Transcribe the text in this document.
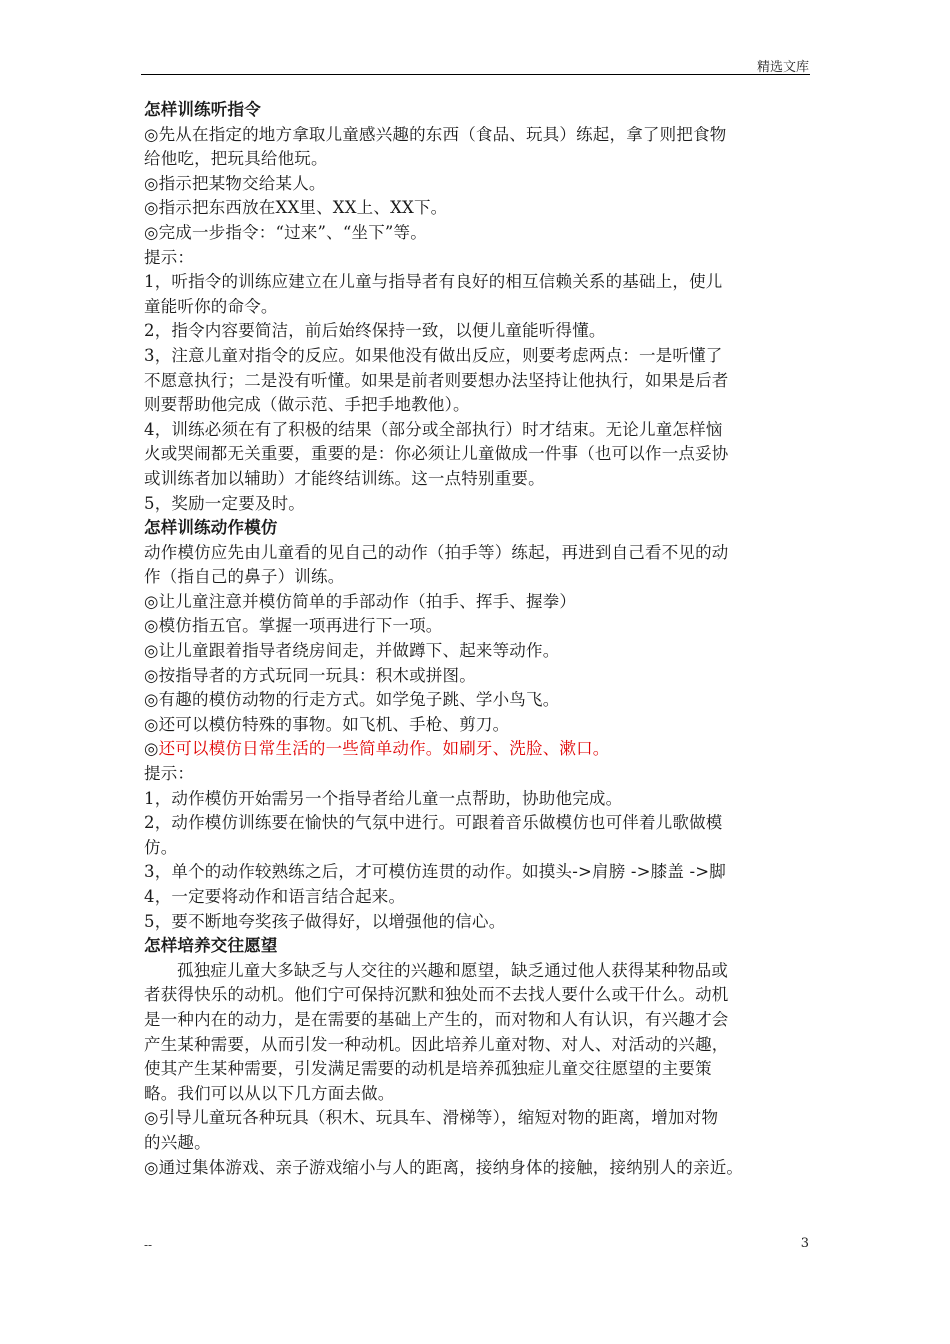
精选文库
怎样训练听指令
◎先从在指定的地方拿取儿童感兴趣的东西（食品、玩具）练起，拿了则把食物
给他吃，把玩具给他玩。
◎指示把某物交给某人。
◎指示把东西放在XX里、XX上、XX下。
◎完成一步指令：“过来”、“坐下”等。
提示：
1，听指令的训练应建立在儿童与指导者有良好的相互信赖关系的基础上，使儿
童能听你的命令。
2，指令内容要简洁，前后始终保持一致，以便儿童能听得懂。
3，注意儿童对指令的反应。如果他没有做出反应，则要考虑两点：一是听懂了
不愿意执行；二是没有听懂。如果是前者则要想办法坚持让他执行，如果是后者
则要帮助他完成（做示范、手把手地教他）。
4，训练必须在有了积极的结果（部分或全部执行）时才结束。无论儿童怎样恼
火或哭闹都无关重要，重要的是：你必须让儿童做成一件事（也可以作一点妥协
或训练者加以辅助）才能终结训练。这一点特别重要。
5，奖励一定要及时。
怎样训练动作模仿
动作模仿应先由儿童看的见自己的动作（拍手等）练起，再进到自己看不见的动
作（指自己的鼻子）训练。
◎让儿童注意并模仿简单的手部动作（拍手、挥手、握拳）
◎模仿指五官。掌握一项再进行下一项。
◎让儿童跟着指导者绕房间走，并做蹲下、起来等动作。
◎按指导者的方式玩同一玩具：积木或拼图。
◎有趣的模仿动物的行走方式。如学兔子跳、学小鸟飞。
◎还可以模仿特殊的事物。如飞机、手枪、剪刀。
◎还可以模仿日常生活的一些简单动作。如刷牙、洗脸、漱口。
提示：
1，动作模仿开始需另一个指导者给儿童一点帮助，协助他完成。
2，动作模仿训练要在愉快的气氛中进行。可跟着音乐做模仿也可伴着儿歌做模
仿。
3，单个的动作较熟练之后，才可模仿连贯的动作。如摸头->肩膀 ->膝盖 ->脚
4，一定要将动作和语言结合起来。
5，要不断地夸奖孩子做得好，以增强他的信心。
怎样培养交往愿望
孤独症儿童大多缺乏与人交往的兴趣和愿望，缺乏通过他人获得某种物品或
者获得快乐的动机。他们宁可保持沉默和独处而不去找人要什么或干什么。动机
是一种内在的动力，是在需要的基础上产生的，而对物和人有认识，有兴趣才会
产生某种需要，从而引发一种动机。因此培养儿童对物、对人、对活动的兴趣，
使其产生某种需要，引发满足需要的动机是培养孤独症儿童交往愿望的主要策
略。我们可以从以下几方面去做。
◎引导儿童玩各种玩具（积木、玩具车、滑梯等），缩短对物的距离，增加对物
的兴趣。
◎通过集体游戏、亲子游戏缩小与人的距离，接纳身体的接触，接纳别人的亲近。
--	3
